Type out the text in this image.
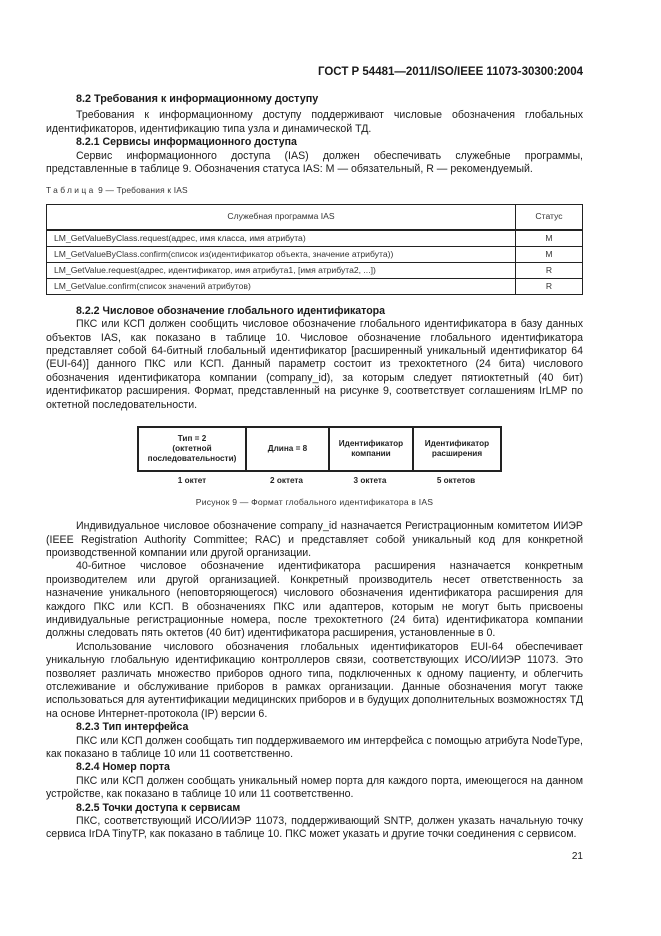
ГОСТ Р 54481—2011/ISO/IEEE 11073-30300:2004
8.2 Требования к информационному доступу

Требования к информационному доступу поддерживают числовые обозначения глобальных идентификаторов, идентификацию типа узла и динамической ТД.

8.2.1 Сервисы информационного доступа

Сервис информационного доступа (IAS) должен обеспечивать служебные программы, представленные в таблице 9. Обозначения статуса IAS: M — обязательный, R — рекомендуемый.

Таблица 9 — Требования к IAS
Служебная программа IAS	Статус
LM_GetValueByClass.request(адрес, имя класса, имя атрибута)	M
LM_GetValueByClass.confirm(список из(идентификатор объекта, значение атрибута))	M
LM_GetValue.request(адрес, идентификатор, имя атрибута1, [имя атрибута2, ...])	R
LM_GetValue.confirm(список значений атрибутов)	R
8.2.2 Числовое обозначение глобального идентификатора

ПКС или КСП должен сообщить числовое обозначение глобального идентификатора в базу данных объектов IAS, как показано в таблице 10. Числовое обозначение глобального идентификатора представляет собой 64-битный глобальный идентификатор [расширенный уникальный идентификатор 64 (EUI-64)] данного ПКС или КСП. Данный параметр состоит из трехоктетного (24 бита) числового обозначения идентификатора компании (company_id), за которым следует пятиоктетный (40 бит) идентификатор расширения. Формат, представленный на рисунке 9, соответствует соглашениям IrLMP по октетной последовательности.

Тип = 2
(октетной
последовательности)
Длина = 8
Идентификатор
компании
Идентификатор
расширения
1 октет	2 октета	3 октета	5 октетов
Рисунок 9 — Формат глобального идентификатора в IAS

Индивидуальное числовое обозначение company_id назначается Регистрационным комитетом ИИЭР (IEEE Registration Authority Committee; RAC) и представляет собой уникальный код для конкретной производственной компании или другой организации.

40-битное числовое обозначение идентификатора расширения назначается конкретным производителем или другой организацией. Конкретный производитель несет ответственность за назначение уникального (неповторяющегося) числового обозначения идентификатора расширения для каждого ПКС или КСП. В обозначениях ПКС или адаптеров, которым не могут быть присвоены индивидуальные регистрационные номера, после трехоктетного (24 бита) идентификатора компании должны следовать пять октетов (40 бит) идентификатора расширения, установленные в 0.

Использование числового обозначения глобальных идентификаторов EUI-64 обеспечивает уникальную глобальную идентификацию контроллеров связи, соответствующих ИСО/ИИЭР 11073. Это позволяет различать множество приборов одного типа, подключенных к одному пациенту, и облегчить отслеживание и обслуживание приборов в рамках организации. Данные обозначения могут также использоваться для аутентификации медицинских приборов и в будущих дополнительных возможностях ТД на основе Интернет-протокола (IP) версии 6.

8.2.3 Тип интерфейса

ПКС или КСП должен сообщать тип поддерживаемого им интерфейса с помощью атрибута NodeType, как показано в таблице 10 или 11 соответственно.

8.2.4 Номер порта

ПКС или КСП должен сообщать уникальный номер порта для каждого порта, имеющегося на данном устройстве, как показано в таблице 10 или 11 соответственно.

8.2.5 Точки доступа к сервисам

ПКС, соответствующий ИСО/ИИЭР 11073, поддерживающий SNTP, должен указать начальную точку сервиса IrDA TinyTP, как показано в таблице 10. ПКС может указать и другие точки соединения с сервисом.

21
